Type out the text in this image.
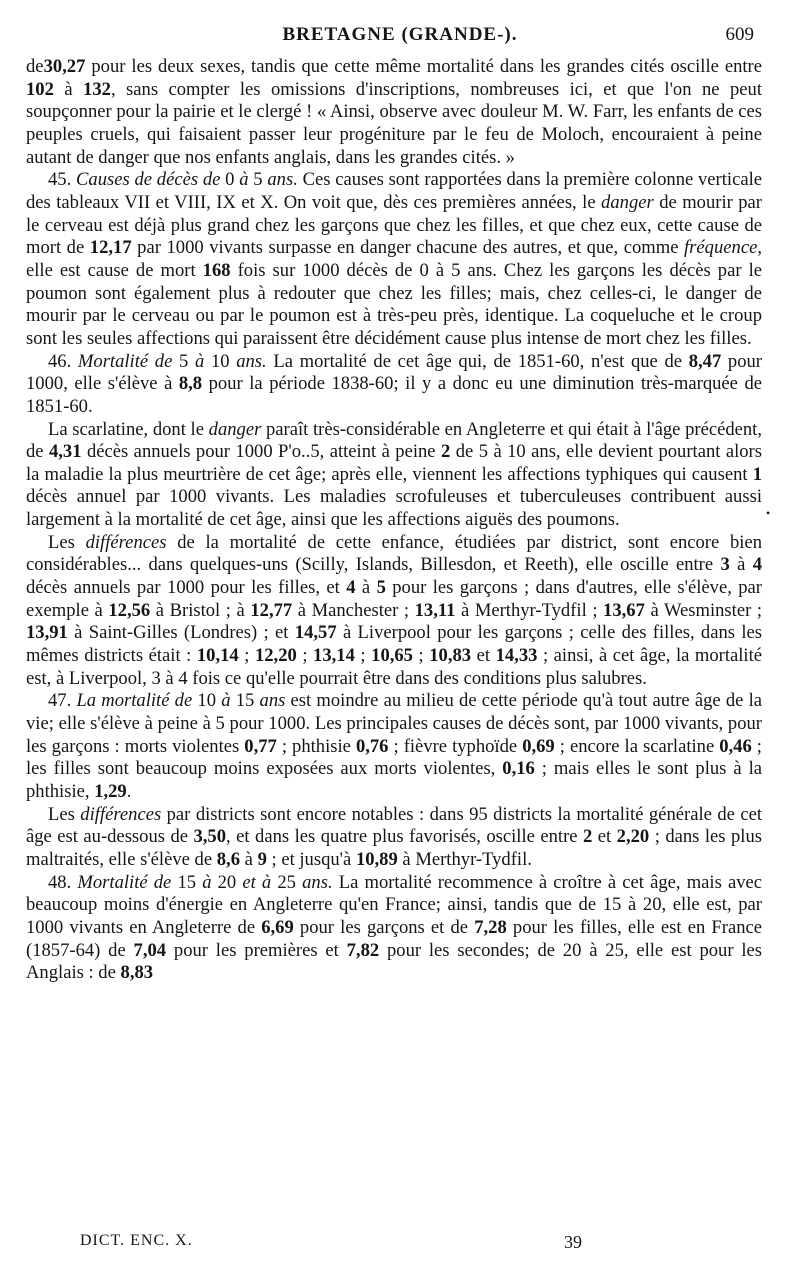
BRETAGNE (GRANDE-).	609

de30,27 pour les deux sexes, tandis que cette même mortalité dans les grandes cités oscille entre 102 à 132, sans compter les omissions d'inscriptions, nombreuses ici, et que l'on ne peut soupçonner pour la pairie et le clergé ! « Ainsi, observe avec douleur M. W. Farr, les enfants de ces peuples cruels, qui faisaient passer leur progéniture par le feu de Moloch, encouraient à peine autant de danger que nos enfants anglais, dans les grandes cités. »

45. Causes de décès de 0 à 5 ans. Ces causes sont rapportées dans la première colonne verticale des tableaux VII et VIII, IX et X. On voit que, dès ces premières années, le danger de mourir par le cerveau est déjà plus grand chez les garçons que chez les filles, et que chez eux, cette cause de mort de 12,17 par 1000 vivants surpasse en danger chacune des autres, et que, comme fréquence, elle est cause de mort 168 fois sur 1000 décès de 0 à 5 ans. Chez les garçons les décès par le poumon sont également plus à redouter que chez les filles; mais, chez celles-ci, le danger de mourir par le cerveau ou par le poumon est à très-peu près, identique. La coqueluche et le croup sont les seules affections qui paraissent être décidément cause plus intense de mort chez les filles.

46. Mortalité de 5 à 10 ans. La mortalité de cet âge qui, de 1851-60, n'est que de 8,47 pour 1000, elle s'élève à 8,8 pour la période 1838-60; il y a donc eu une diminution très-marquée de 1851-60.

La scarlatine, dont le danger paraît très-considérable en Angleterre et qui était à l'âge précédent, de 4,31 décès annuels pour 1000 P'o..5, atteint à peine 2 de 5 à 10 ans, elle devient pourtant alors la maladie la plus meurtrière de cet âge; après elle, viennent les affections typhiques qui causent 1 décès annuel par 1000 vivants. Les maladies scrofuleuses et tuberculeuses contribuent aussi largement à la mortalité de cet âge, ainsi que les affections aiguës des poumons.

Les différences de la mortalité de cette enfance, étudiées par district, sont encore bien considérables... dans quelques-uns (Scilly, Islands, Billesdon, et Reeth), elle oscille entre 3 à 4 décès annuels par 1000 pour les filles, et 4 à 5 pour les garçons ; dans d'autres, elle s'élève, par exemple à 12,56 à Bristol ; à 12,77 à Manchester ; 13,11 à Merthyr-Tydfil ; 13,67 à Wesminster ; 13,91 à Saint-Gilles (Londres) ; et 14,57 à Liverpool pour les garçons ; celle des filles, dans les mêmes districts était : 10,14 ; 12,20 ; 13,14 ; 10,65 ; 10,83 et 14,33 ; ainsi, à cet âge, la mortalité est, à Liverpool, 3 à 4 fois ce qu'elle pourrait être dans des conditions plus salubres.

47. La mortalité de 10 à 15 ans est moindre au milieu de cette période qu'à tout autre âge de la vie; elle s'élève à peine à 5 pour 1000. Les principales causes de décès sont, par 1000 vivants, pour les garçons : morts violentes 0,77 ; phthisie 0,76 ; fièvre typhoïde 0,69 ; encore la scarlatine 0,46 ; les filles sont beaucoup moins exposées aux morts violentes, 0,16 ; mais elles le sont plus à la phthisie, 1,29.

Les différences par districts sont encore notables : dans 95 districts la mortalité générale de cet âge est au-dessous de 3,50, et dans les quatre plus favorisés, oscille entre 2 et 2,20 ; dans les plus maltraités, elle s'élève de 8,6 à 9 ; et jusqu'à 10,89 à Merthyr-Tydfil.

48. Mortalité de 15 à 20 et à 25 ans. La mortalité recommence à croître à cet âge, mais avec beaucoup moins d'énergie en Angleterre qu'en France; ainsi, tandis que de 15 à 20, elle est, par 1000 vivants en Angleterre de 6,69 pour les garçons et de 7,28 pour les filles, elle est en France (1857-64) de 7,04 pour les premières et 7,82 pour les secondes; de 20 à 25, elle est pour les Anglais : de 8,83

•
DICT. ENC. X.	39
